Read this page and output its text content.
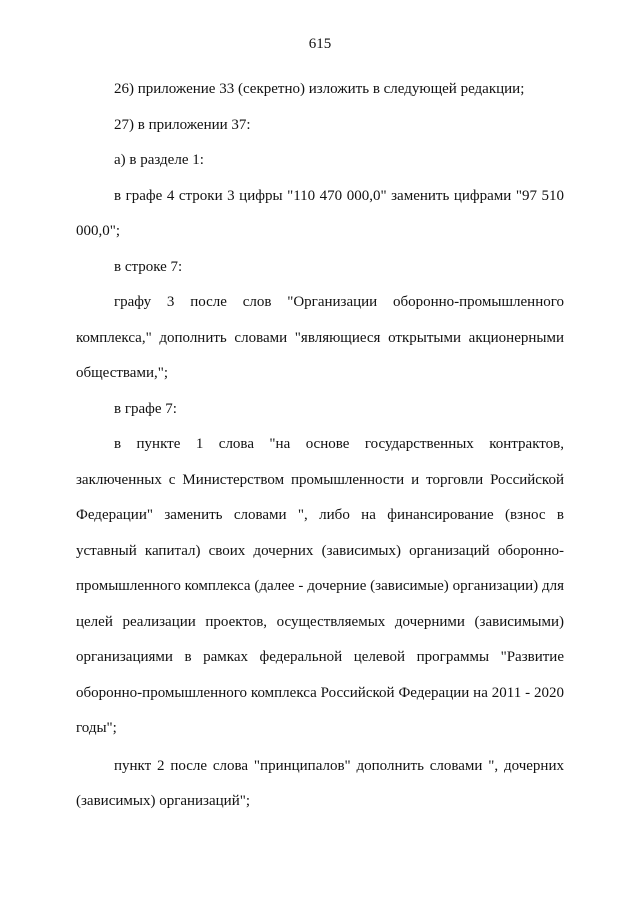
615

26) приложение 33 (секретно) изложить в следующей редакции;

27) в приложении 37:

а) в разделе 1:

в графе 4 строки 3 цифры "110 470 000,0" заменить цифрами "97 510 000,0";

в строке 7:

графу 3 после слов "Организации оборонно-промышленного комплекса," дополнить словами "являющиеся открытыми акционерными обществами,";

в графе 7:

в пункте 1 слова "на основе государственных контрактов, заключенных с Министерством промышленности и торговли Российской Федерации" заменить словами ", либо на финансирование (взнос в уставный капитал) своих дочерних (зависимых) организаций оборонно-промышленного комплекса (далее - дочерние (зависимые) организации) для целей реализации проектов, осуществляемых дочерними (зависимыми) организациями в рамках федеральной целевой программы "Развитие оборонно-промышленного комплекса Российской Федерации на 2011 - 2020 годы";

пункт 2 после слова "принципалов" дополнить словами ", дочерних (зависимых) организаций";
